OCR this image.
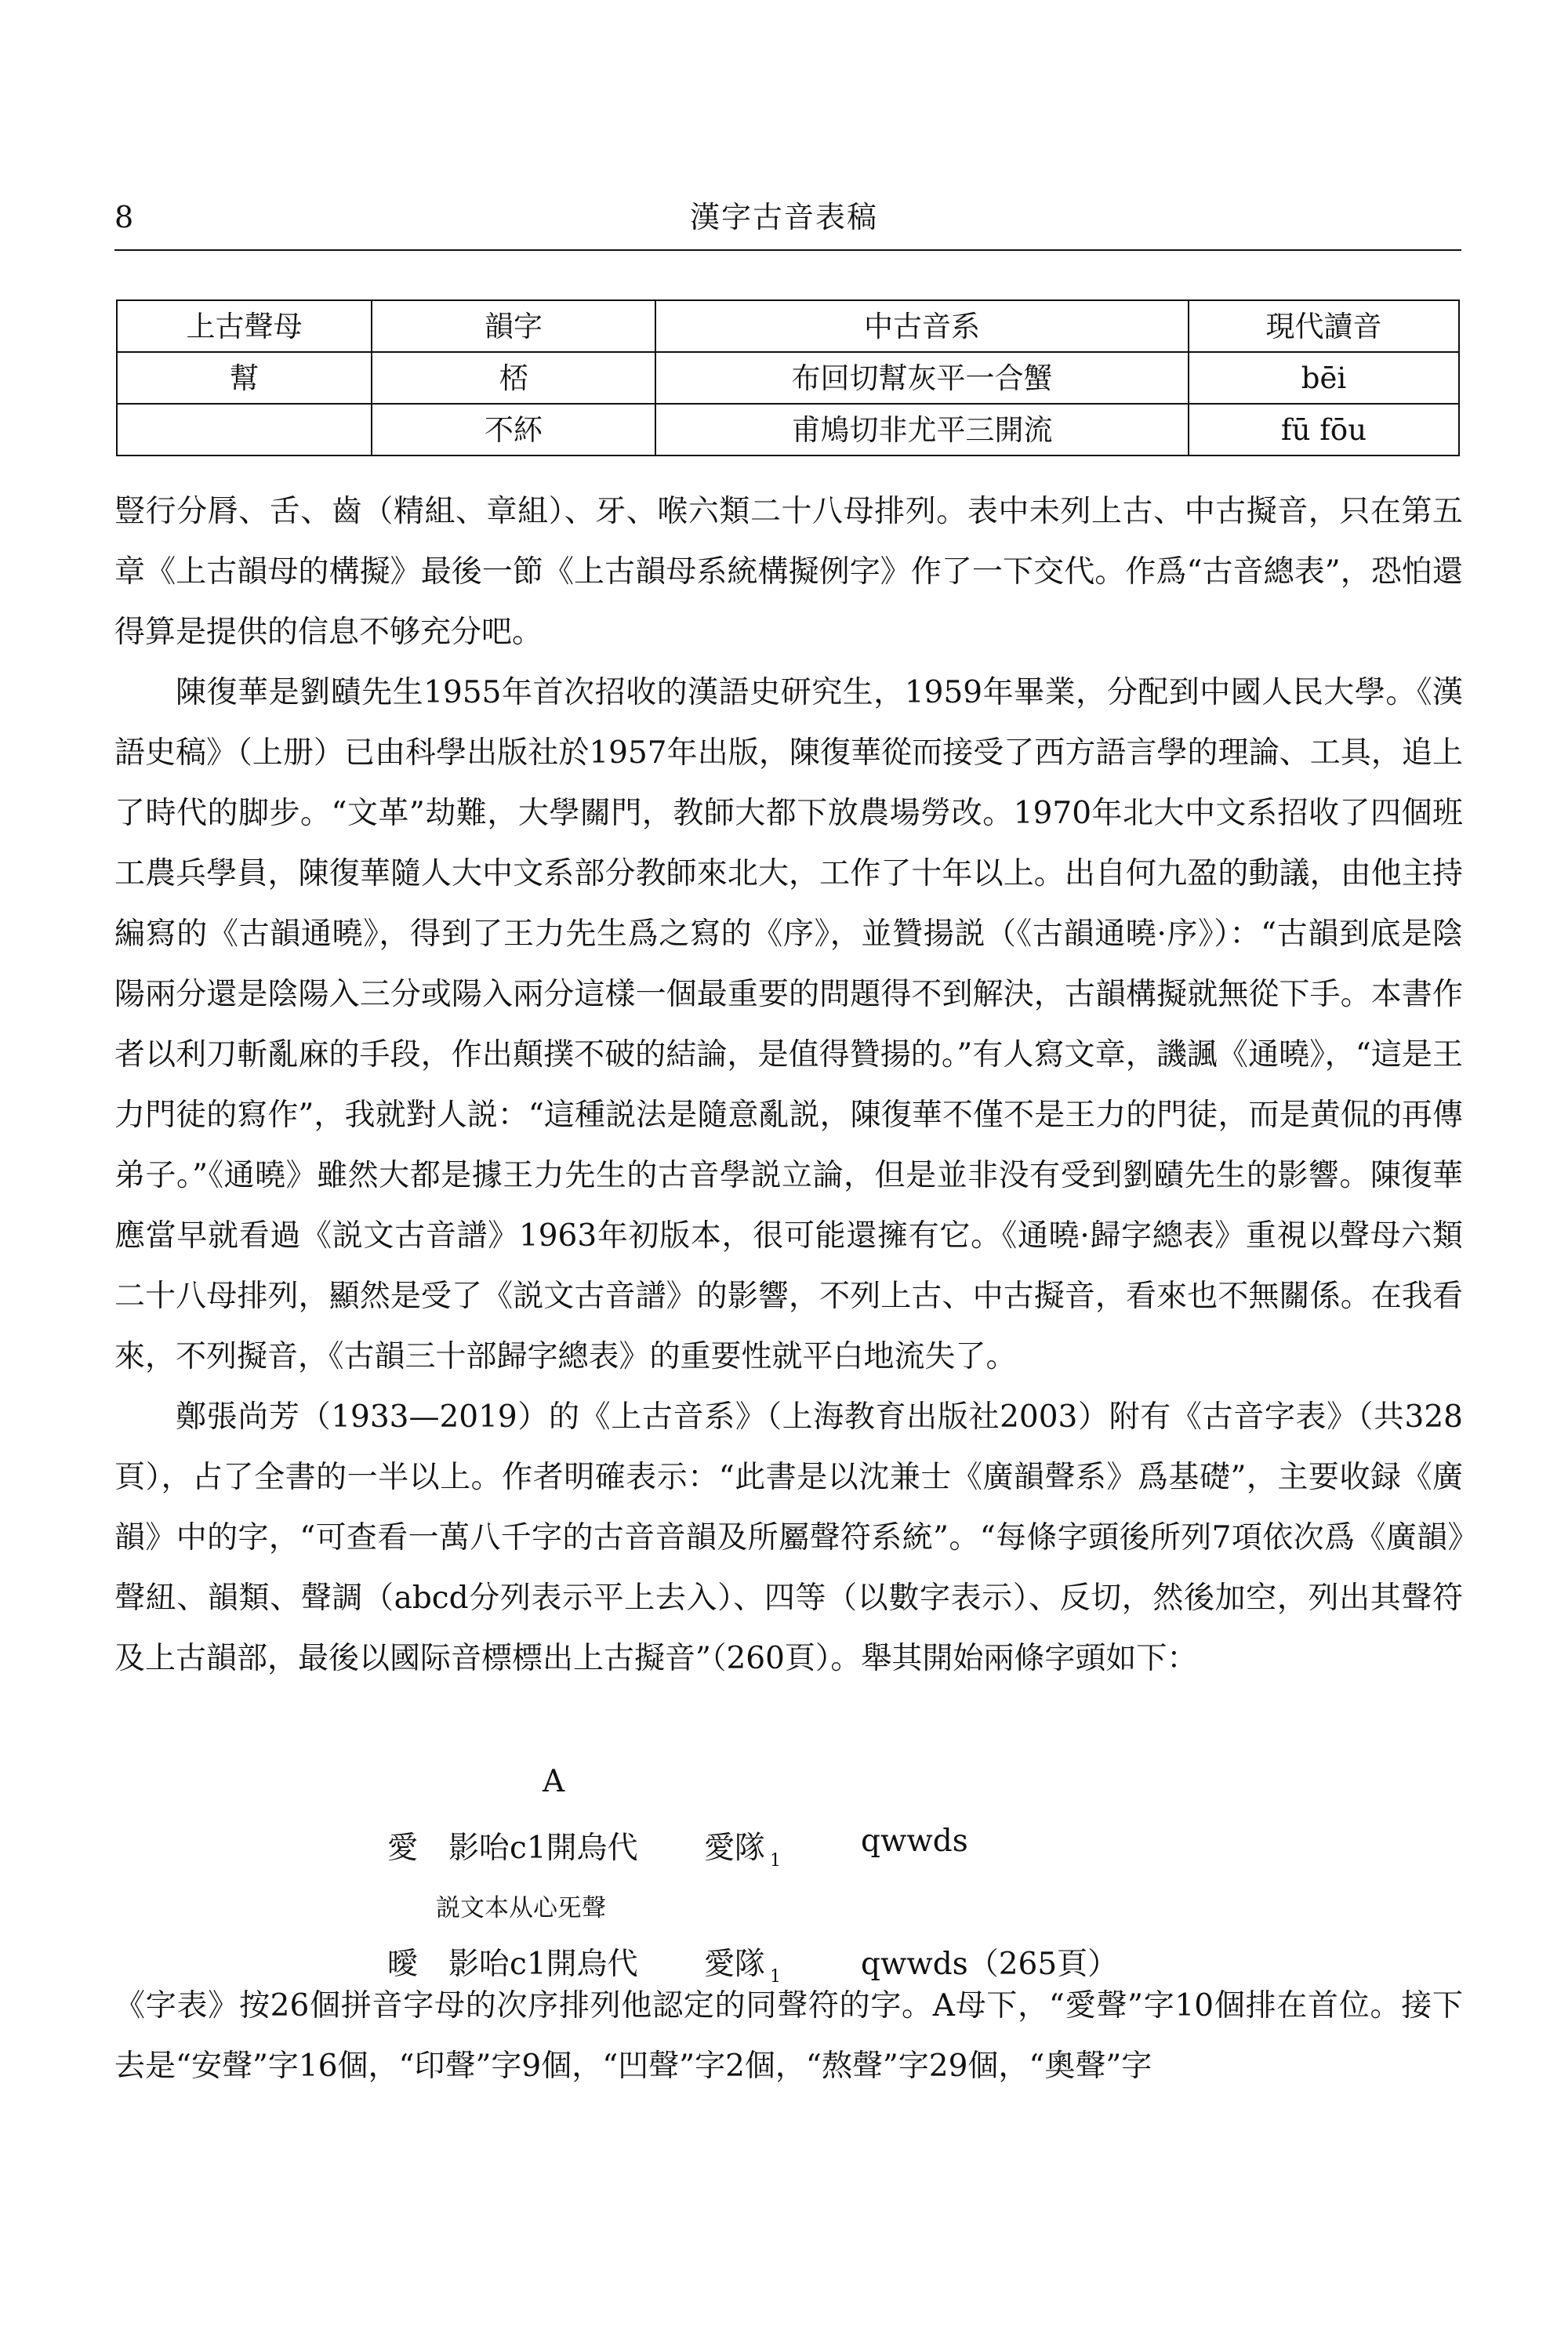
8	漢字古音表稿
上古聲母	韻字	中古音系	現代讀音
幫	桮	布回切幫灰平一合蟹	bēi
	不紑	甫鳩切非尤平三開流	fū fōu

豎行分脣、舌、齒（精組、章組）、牙、喉六類二十八母排列。表中未列上古、中古擬音，只在第五章《上古韻母的構擬》最後一節《上古韻母系統構擬例字》作了一下交代。作爲“古音總表”，恐怕還得算是提供的信息不够充分吧。

陳復華是劉賾先生1955年首次招收的漢語史研究生，1959年畢業，分配到中國人民大學。《漢語史稿》（上册）已由科學出版社於1957年出版，陳復華從而接受了西方語言學的理論、工具，追上了時代的脚步。“文革”劫難，大學關門，教師大都下放農場勞改。1970年北大中文系招收了四個班工農兵學員，陳復華隨人大中文系部分教師來北大，工作了十年以上。出自何九盈的動議，由他主持編寫的《古韻通曉》，得到了王力先生爲之寫的《序》，並贊揚説（《古韻通曉·序》）：“古韻到底是陰陽兩分還是陰陽入三分或陽入兩分這樣一個最重要的問題得不到解決，古韻構擬就無從下手。本書作者以利刀斬亂麻的手段，作出顛撲不破的結論，是值得贊揚的。”有人寫文章，譏諷《通曉》，“這是王力門徒的寫作”，我就對人説：“這種説法是隨意亂説，陳復華不僅不是王力的門徒，而是黄侃的再傳弟子。”《通曉》雖然大都是據王力先生的古音學説立論，但是並非没有受到劉賾先生的影響。陳復華應當早就看過《説文古音譜》1963年初版本，很可能還擁有它。《通曉·歸字總表》重視以聲母六類二十八母排列，顯然是受了《説文古音譜》的影響，不列上古、中古擬音，看來也不無關係。在我看來，不列擬音，《古韻三十部歸字總表》的重要性就平白地流失了。

鄭張尚芳（1933—2019）的《上古音系》（上海教育出版社2003）附有《古音字表》（共328頁），占了全書的一半以上。作者明確表示：“此書是以沈兼士《廣韻聲系》爲基礎”，主要收録《廣韻》中的字，“可查看一萬八千字的古音音韻及所屬聲符系統”。“每條字頭後所列7項依次爲《廣韻》聲紐、韻類、聲調（abcd分列表示平上去入）、四等（以數字表示）、反切，然後加空，列出其聲符及上古韻部，最後以國际音標標出上古擬音”（260頁）。舉其開始兩條字頭如下：

A
愛 影咍c1開烏代 愛隊 $_1$
qwwds
説文本从心旡聲
曖 影咍c1開烏代 愛隊 $_1$	qwwds（265頁）

《字表》按26個拼音字母的次序排列他認定的同聲符的字。A母下，“愛聲”字10個排在首位。接下去是“安聲”字16個，“印聲”字9個，“凹聲”字2個，“熬聲”字29個，“奧聲”字
